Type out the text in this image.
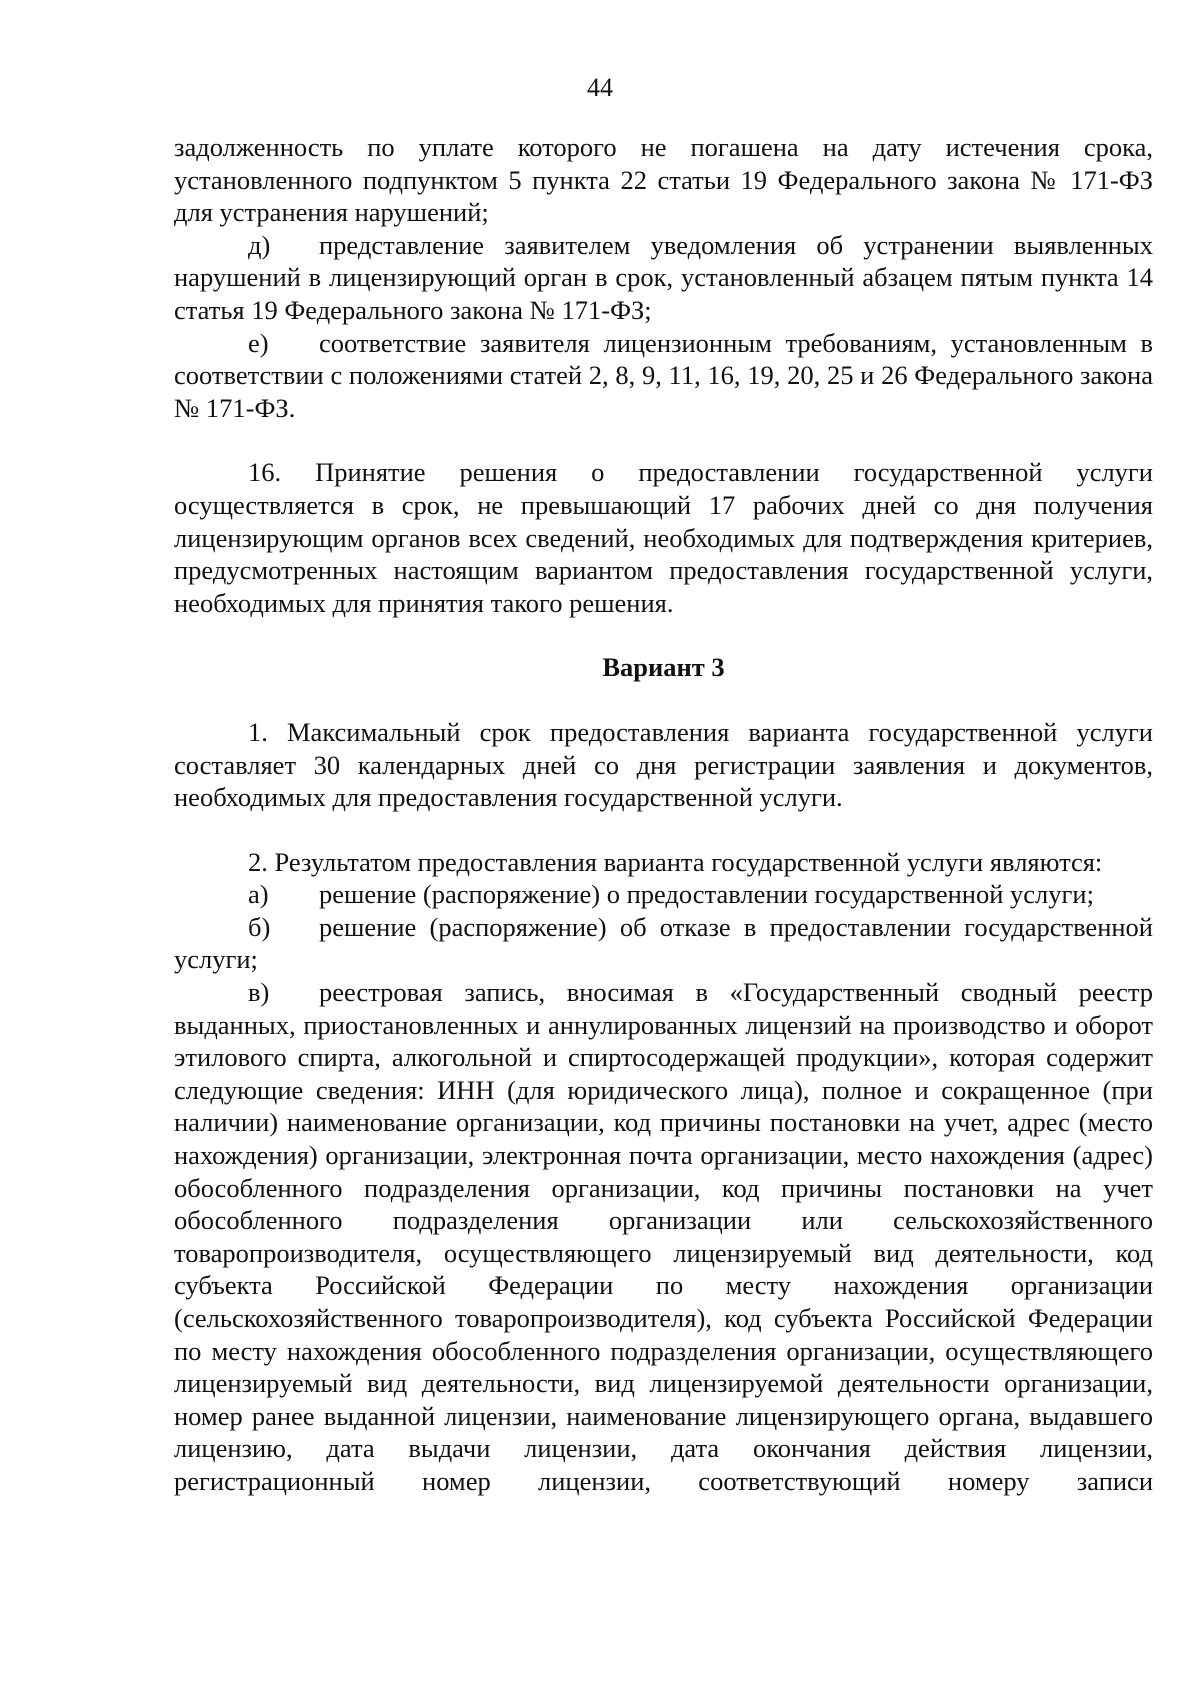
44

задолженность по уплате которого не погашена на дату истечения срока, установленного подпунктом 5 пункта 22 статьи 19 Федерального закона № 171-ФЗ для устранения нарушений;

д) представление заявителем уведомления об устранении выявленных нарушений в лицензирующий орган в срок, установленный абзацем пятым пункта 14 статья 19 Федерального закона № 171-ФЗ;

е) соответствие заявителя лицензионным требованиям, установленным в соответствии с положениями статей 2, 8, 9, 11, 16, 19, 20, 25 и 26 Федерального закона № 171-ФЗ.

16. Принятие решения о предоставлении государственной услуги осуществляется в срок, не превышающий 17 рабочих дней со дня получения лицензирующим органов всех сведений, необходимых для подтверждения критериев, предусмотренных настоящим вариантом предоставления государственной услуги, необходимых для принятия такого решения.

Вариант 3

1. Максимальный срок предоставления варианта государственной услуги составляет 30 календарных дней со дня регистрации заявления и документов, необходимых для предоставления государственной услуги.

2. Результатом предоставления варианта государственной услуги являются:

а) решение (распоряжение) о предоставлении государственной услуги;

б) решение (распоряжение) об отказе в предоставлении государственной услуги;

в) реестровая запись, вносимая в «Государственный сводный реестр выданных, приостановленных и аннулированных лицензий на производство и оборот этилового спирта, алкогольной и спиртосодержащей продукции», которая содержит следующие сведения: ИНН (для юридического лица), полное и сокращенное (при наличии) наименование организации, код причины постановки на учет, адрес (место нахождения) организации, электронная почта организации, место нахождения (адрес) обособленного подразделения организации, код причины постановки на учет обособленного подразделения организации или сельскохозяйственного товаропроизводителя, осуществляющего лицензируемый вид деятельности, код субъекта Российской Федерации по месту нахождения организации (сельскохозяйственного товаропроизводителя), код субъекта Российской Федерации по месту нахождения обособленного подразделения организации, осуществляющего лицензируемый вид деятельности, вид лицензируемой деятельности организации, номер ранее выданной лицензии, наименование лицензирующего органа, выдавшего лицензию, дата выдачи лицензии, дата окончания действия лицензии, регистрационный номер лицензии, соответствующий номеру записи
